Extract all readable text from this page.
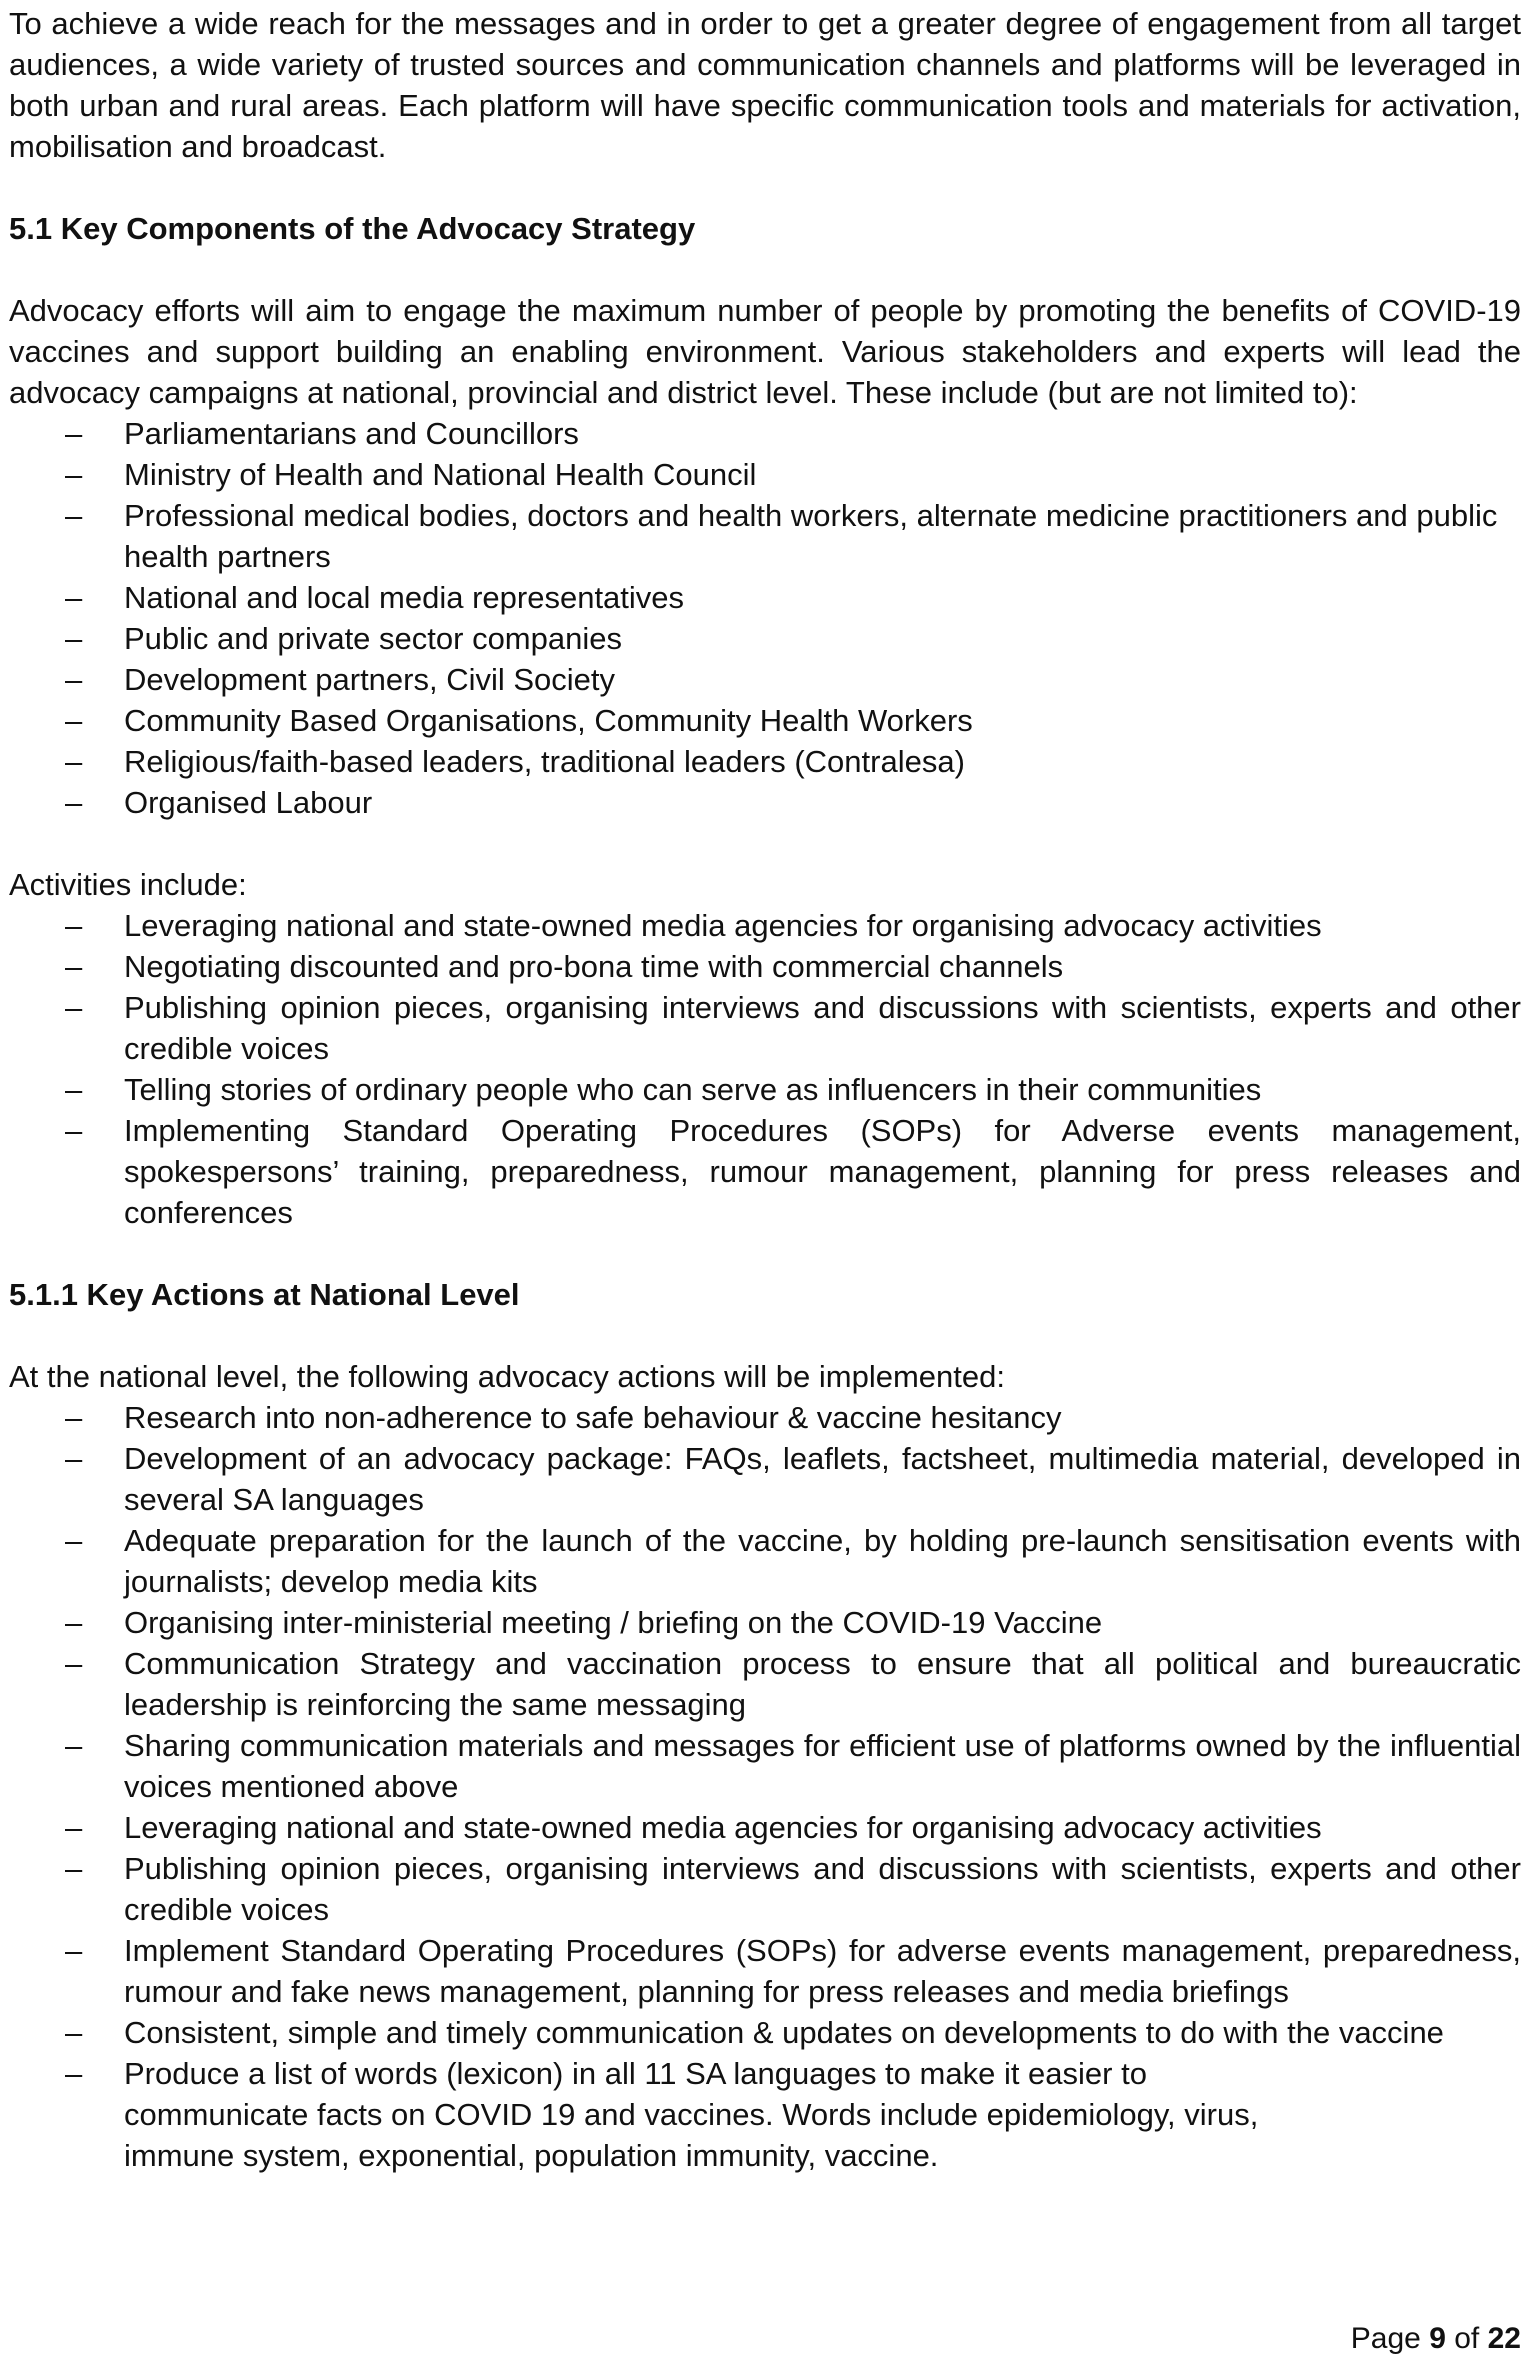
To achieve a wide reach for the messages and in order to get a greater degree of engagement from all target audiences, a wide variety of trusted sources and communication channels and platforms will be leveraged in both urban and rural areas. Each platform will have specific communication tools and materials for activation, mobilisation and broadcast.

5.1 Key Components of the Advocacy Strategy

Advocacy efforts will aim to engage the maximum number of people by promoting the benefits of COVID-19 vaccines and support building an enabling environment. Various stakeholders and experts will lead the advocacy campaigns at national, provincial and district level. These include (but are not limited to):

– Parliamentarians and Councillors
– Ministry of Health and National Health Council
– Professional medical bodies, doctors and health workers, alternate medicine practitioners and public health partners
– National and local media representatives
– Public and private sector companies
– Development partners, Civil Society
– Community Based Organisations, Community Health Workers
– Religious/faith-based leaders, traditional leaders (Contralesa)
– Organised Labour

Activities include:

– Leveraging national and state-owned media agencies for organising advocacy activities
– Negotiating discounted and pro-bona time with commercial channels
– Publishing opinion pieces, organising interviews and discussions with scientists, experts and other credible voices
– Telling stories of ordinary people who can serve as influencers in their communities
– Implementing Standard Operating Procedures (SOPs) for Adverse events management, spokespersons’ training, preparedness, rumour management, planning for press releases and conferences

5.1.1 Key Actions at National Level

At the national level, the following advocacy actions will be implemented:

– Research into non-adherence to safe behaviour & vaccine hesitancy
– Development of an advocacy package: FAQs, leaflets, factsheet, multimedia material, developed in several SA languages
– Adequate preparation for the launch of the vaccine, by holding pre-launch sensitisation events with journalists; develop media kits
– Organising inter-ministerial meeting / briefing on the COVID-19 Vaccine
– Communication Strategy and vaccination process to ensure that all political and bureaucratic leadership is reinforcing the same messaging
– Sharing communication materials and messages for efficient use of platforms owned by the influential voices mentioned above
– Leveraging national and state-owned media agencies for organising advocacy activities
– Publishing opinion pieces, organising interviews and discussions with scientists, experts and other credible voices
– Implement Standard Operating Procedures (SOPs) for adverse events management, preparedness, rumour and fake news management, planning for press releases and media briefings
– Consistent, simple and timely communication & updates on developments to do with the vaccine
– Produce a list of words (lexicon) in all 11 SA languages to make it easier to
communicate facts on COVID 19 and vaccines. Words include epidemiology, virus,
immune system, exponential, population immunity, vaccine.
Page 9 of 22
